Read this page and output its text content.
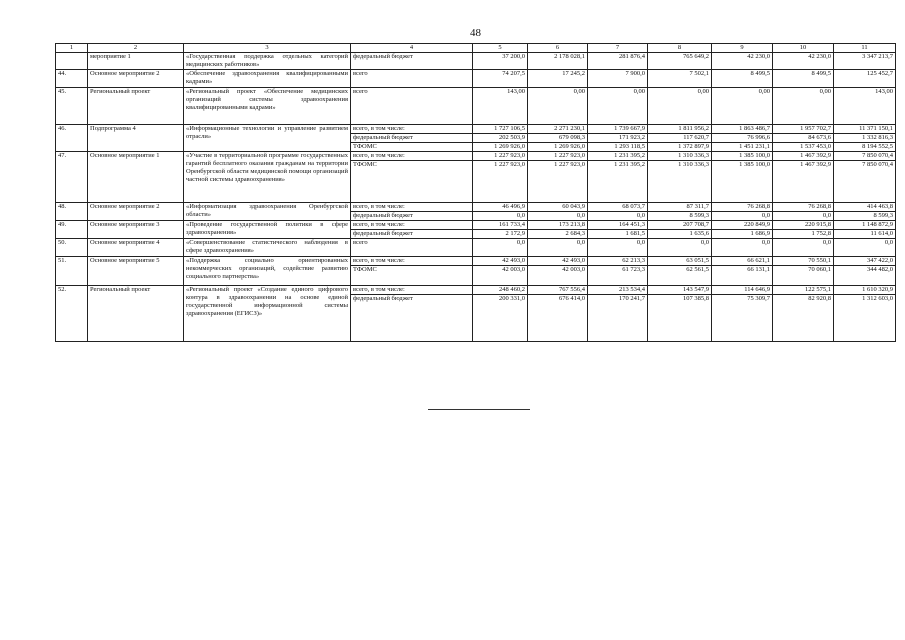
48
1	2	3	4	5	6	7	8	9	10	11
	мероприятие 1	«Государственная поддержка отдельных категорий медицинских работников»	федеральный бюджет	37 200,0	2 178 028,1	281 876,4	765 649,2	42 230,0	42 230,0	3 347 213,7
44.	Основное мероприятие 2	«Обеспечение здравоохранения квалифицированными кадрами»	всего	74 207,5	17 245,2	7 900,0	7 502,1	8 499,5	8 499,5	125 452,7
45.	Региональный проект	«Региональный проект «Обеспечение медицинских организаций системы здравоохранения квалифицированными кадрами»	всего	143,00	0,00	0,00	0,00	0,00	0,00	143,00
46.	Подпрограмма 4	«Информационные технологии и управление развитием отрасли»	всего, в том числе:	1 727 106,5	2 271 230,1	1 739 667,9	1 811 956,2	1 863 486,7	1 957 702,7	11 371 150,1
			федеральный бюджет	202 503,9	679 098,3	171 923,2	117 620,7	76 996,6	84 673,6	1 332 816,3
			ТФОМС	1 269 926,0	1 269 926,0	1 293 118,5	1 372 897,9	1 451 231,1	1 537 453,0	8 194 552,5
47.	Основное мероприятие 1	«Участие в территориальной программе государственных гарантий бесплатного оказания гражданам на территории Оренбургской области медицинской помощи организаций частной системы здравоохранения»	всего, в том числе:	1 227 923,0	1 227 923,0	1 231 395,2	1 310 336,3	1 385 100,0	1 467 392,9	7 850 070,4
			ТФОМС	1 227 923,0	1 227 923,0	1 231 395,2	1 310 336,3	1 385 100,0	1 467 392,9	7 850 070,4
48.	Основное мероприятие 2	«Информатизация здравоохранения Оренбургской области»	всего, в том числе:	46 496,9	60 043,9	68 073,7	87 311,7	76 268,8	76 268,8	414 463,8
			федеральный бюджет	0,0	0,0	0,0	8 599,3	0,0	0,0	8 599,3
49.	Основное мероприятие 3	«Проведение государственной политики в сфере здравоохранения»	всего, в том числе:	161 733,4	173 213,8	164 451,3	207 708,7	220 849,9	220 915,8	1 148 872,9
			федеральный бюджет	2 172,9	2 684,3	1 681,5	1 635,6	1 686,9	1 752,8	11 614,0
50.	Основное мероприятие 4	«Совершенствование статистического наблюдения в сфере здравоохранения»	всего	0,0	0,0	0,0	0,0	0,0	0,0	0,0
51.	Основное мероприятие 5	«Поддержка социально ориентированных некоммерческих организаций, содействие развитию социального партнерства»	всего, в том числе:	42 493,0	42 493,0	62 213,3	63 051,5	66 621,1	70 550,1	347 422,0
			ТФОМС	42 003,0	42 003,0	61 723,3	62 561,5	66 131,1	70 060,1	344 482,0
52.	Региональный проект	«Региональный проект «Создание единого цифрового контура в здравоохранении на основе единой государственной информационной системы здравоохранения (ЕГИСЗ)»	всего, в том числе:	248 460,2	767 556,4	213 534,4	143 547,9	114 646,9	122 575,1	1 610 320,9
			федеральный бюджет	200 331,0	676 414,0	170 241,7	107 385,8	75 309,7	82 920,8	1 312 603,0
